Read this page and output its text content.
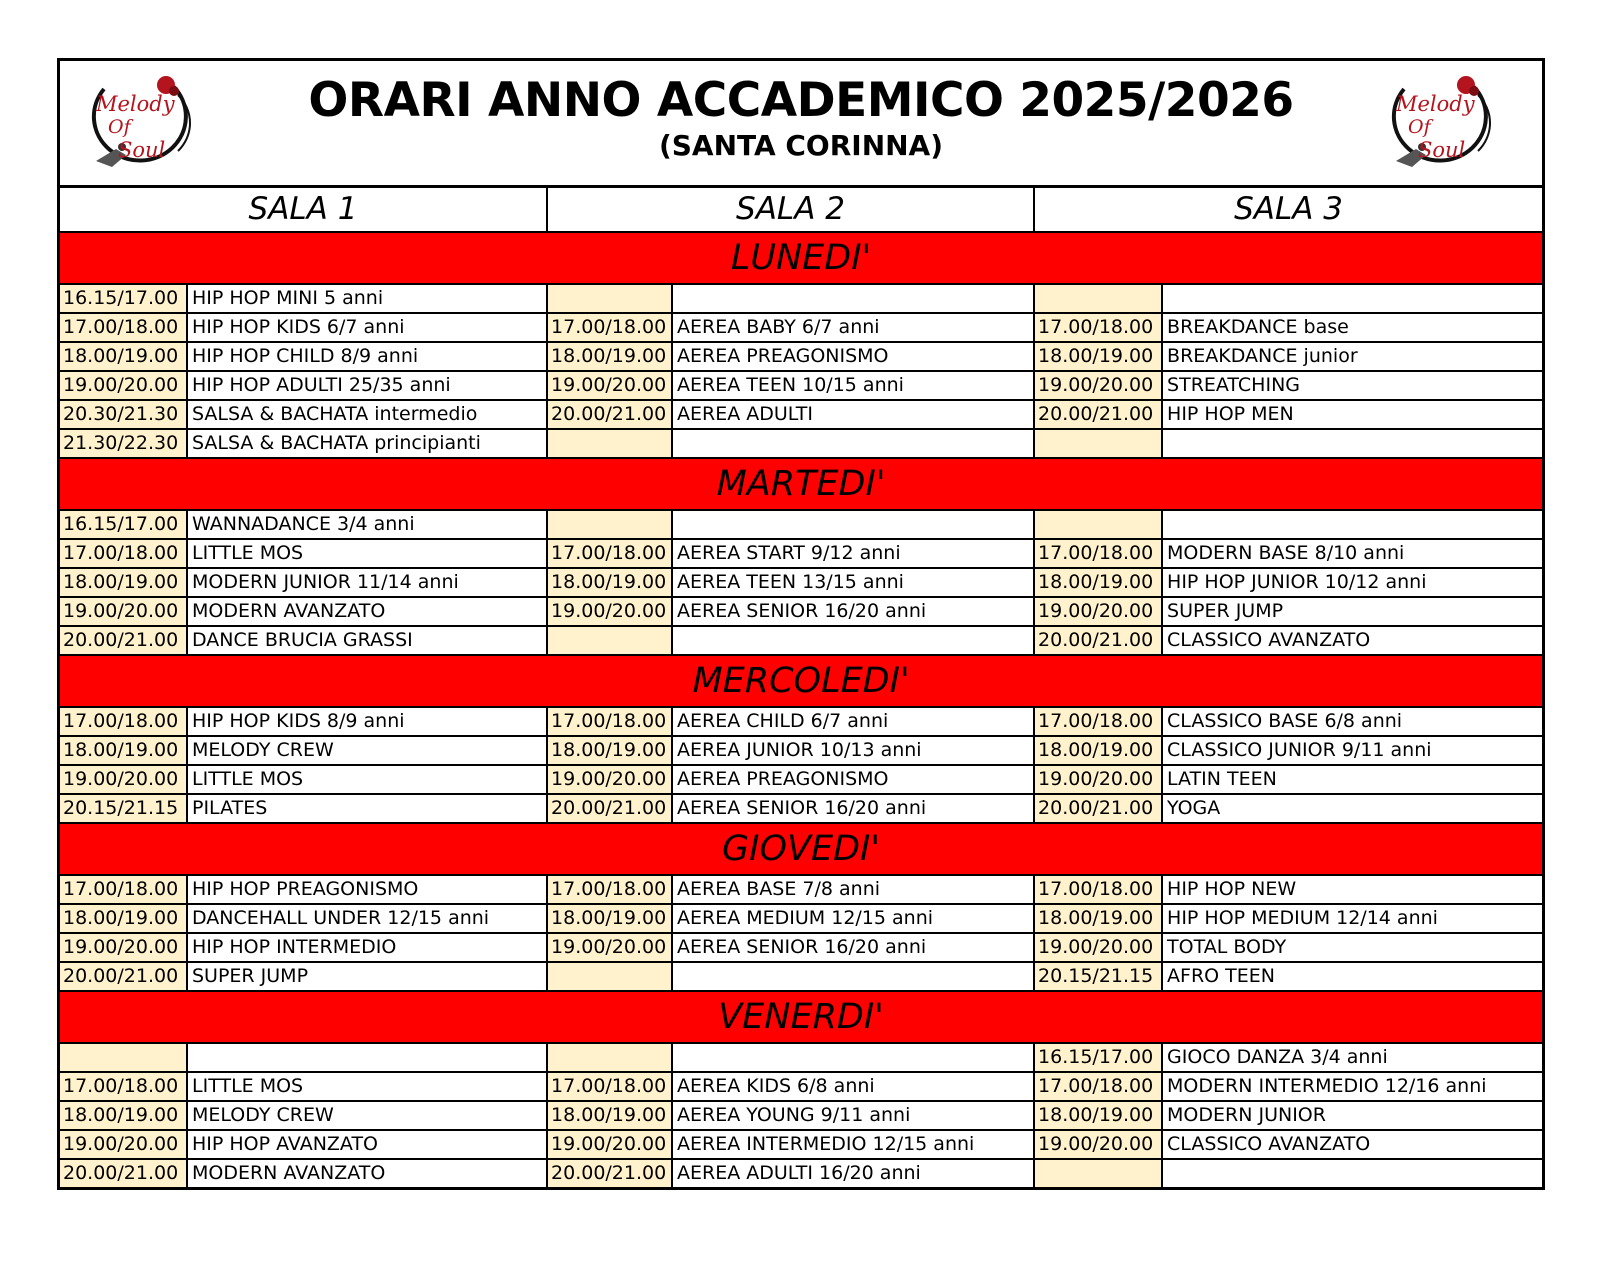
Melody
Of
Soul
ORARI ANNO ACCADEMICO 2025/2026
(SANTA CORINNA)
Melody
Of
Soul
SALA 1		SALA 2		SALA 3	
LUNEDI'					
16.15/17.00	HIP HOP MINI 5 anni				
17.00/18.00	HIP HOP KIDS 6/7 anni	17.00/18.00	AEREA BABY 6/7 anni	17.00/18.00	BREAKDANCE base
18.00/19.00	HIP HOP CHILD 8/9 anni	18.00/19.00	AEREA PREAGONISMO	18.00/19.00	BREAKDANCE junior
19.00/20.00	HIP HOP ADULTI 25/35 anni	19.00/20.00	AEREA TEEN 10/15 anni	19.00/20.00	STREATCHING
20.30/21.30	SALSA & BACHATA intermedio	20.00/21.00	AEREA ADULTI	20.00/21.00	HIP HOP MEN
21.30/22.30	SALSA & BACHATA principianti				
MARTEDI'					
16.15/17.00	WANNADANCE 3/4 anni				
17.00/18.00	LITTLE MOS	17.00/18.00	AEREA START 9/12 anni	17.00/18.00	MODERN BASE 8/10 anni
18.00/19.00	MODERN JUNIOR 11/14 anni	18.00/19.00	AEREA TEEN 13/15 anni	18.00/19.00	HIP HOP JUNIOR 10/12 anni
19.00/20.00	MODERN AVANZATO	19.00/20.00	AEREA SENIOR 16/20 anni	19.00/20.00	SUPER JUMP
20.00/21.00	DANCE BRUCIA GRASSI			20.00/21.00	CLASSICO AVANZATO
MERCOLEDI'					
17.00/18.00	HIP HOP KIDS 8/9 anni	17.00/18.00	AEREA CHILD 6/7 anni	17.00/18.00	CLASSICO BASE 6/8 anni
18.00/19.00	MELODY CREW	18.00/19.00	AEREA JUNIOR 10/13 anni	18.00/19.00	CLASSICO JUNIOR 9/11 anni
19.00/20.00	LITTLE MOS	19.00/20.00	AEREA PREAGONISMO	19.00/20.00	LATIN TEEN
20.15/21.15	PILATES	20.00/21.00	AEREA SENIOR 16/20 anni	20.00/21.00	YOGA
GIOVEDI'					
17.00/18.00	HIP HOP PREAGONISMO	17.00/18.00	AEREA BASE 7/8 anni	17.00/18.00	HIP HOP NEW
18.00/19.00	DANCEHALL UNDER 12/15 anni	18.00/19.00	AEREA MEDIUM 12/15 anni	18.00/19.00	HIP HOP MEDIUM 12/14 anni
19.00/20.00	HIP HOP INTERMEDIO	19.00/20.00	AEREA SENIOR 16/20 anni	19.00/20.00	TOTAL BODY
20.00/21.00	SUPER JUMP			20.15/21.15	AFRO TEEN
VENERDI'					
				16.15/17.00	GIOCO DANZA 3/4 anni
17.00/18.00	LITTLE MOS	17.00/18.00	AEREA KIDS 6/8 anni	17.00/18.00	MODERN INTERMEDIO 12/16 anni
18.00/19.00	MELODY CREW	18.00/19.00	AEREA YOUNG 9/11 anni	18.00/19.00	MODERN JUNIOR
19.00/20.00	HIP HOP AVANZATO	19.00/20.00	AEREA INTERMEDIO 12/15 anni	19.00/20.00	CLASSICO AVANZATO
20.00/21.00	MODERN AVANZATO	20.00/21.00	AEREA ADULTI 16/20 anni		
